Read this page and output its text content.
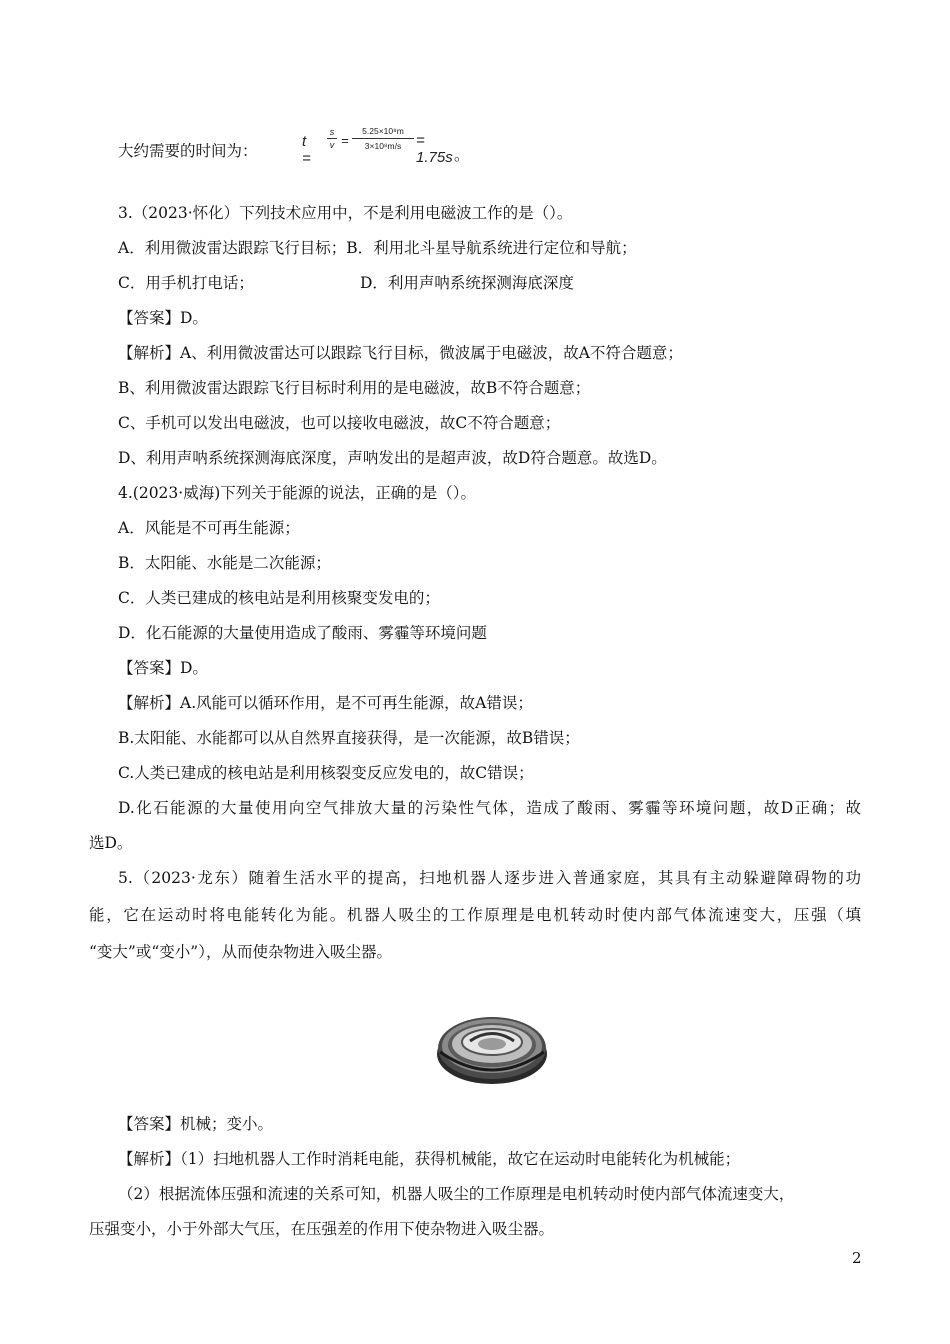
大约需要的时间为：
t =
$\frac{s}{v} = \frac{\text{5.25×10⁸m}}{\text{3×10⁸m/s}} = 1.75s$ 。
3.（2023·怀化）下列技术应用中，不是利用电磁波工作的是（）。
A．利用微波雷达跟踪飞行目标；B．利用北斗星导航系统进行定位和导航；
C．用手机打电话；	D．利用声呐系统探测海底深度
【答案】D。
【解析】A、利用微波雷达可以跟踪飞行目标，微波属于电磁波，故A不符合题意；
B、利用微波雷达跟踪飞行目标时利用的是电磁波，故B不符合题意；
C、手机可以发出电磁波，也可以接收电磁波，故C不符合题意；
D、利用声呐系统探测海底深度，声呐发出的是超声波，故D符合题意。故选D。
4.(2023·威海)下列关于能源的说法，正确的是（）。
A．风能是不可再生能源；
B．太阳能、水能是二次能源；
C．人类已建成的核电站是利用核聚变发电的；
D．化石能源的大量使用造成了酸雨、雾霾等环境问题
【答案】D。
【解析】A.风能可以循环作用，是不可再生能源，故A错误；
B.太阳能、水能都可以从自然界直接获得，是一次能源，故B错误；
C.人类已建成的核电站是利用核裂变反应发电的，故C错误；
D.化石能源的大量使用向空气排放大量的污染性气体，造成了酸雨、雾霾等环境问题，故D正确；故
选D。
5.（2023·龙东）随着生活水平的提高，扫地机器人逐步进入普通家庭，其具有主动躲避障碍物的功
能，它在运动时将电能转化为能。机器人吸尘的工作原理是电机转动时使内部气体流速变大，压强（填
“变大”或“变小”），从而使杂物进入吸尘器。
【答案】机械；变小。
【解析】（1）扫地机器人工作时消耗电能，获得机械能，故它在运动时电能转化为机械能；
（2）根据流体压强和流速的关系可知，机器人吸尘的工作原理是电机转动时使内部气体流速变大，
压强变小，小于外部大气压，在压强差的作用下使杂物进入吸尘器。
2
